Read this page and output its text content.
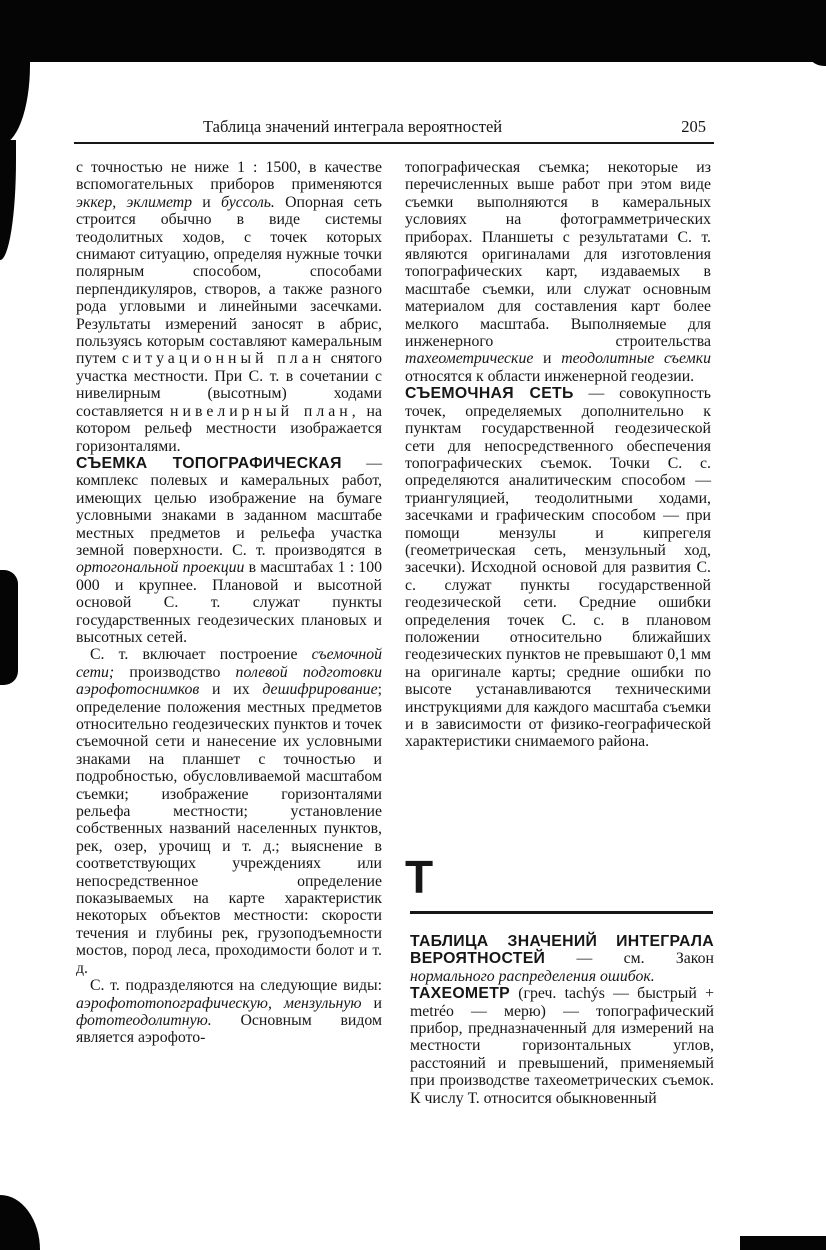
Таблица значений интеграла вероятностей	205

с точностью не ниже 1 : 1500, в качестве вспомогательных приборов применяются эккер, эклиметр и буссоль. Опорная сеть строится обычно в виде системы теодолитных ходов, с точек которых снимают ситуацию, определяя нужные точки полярным способом, способами перпендикуляров, створов, а также разного рода угловыми и линейными засечками. Результаты измерений заносят в абрис, пользуясь которым составляют камеральным путем ситуационный план снятого участка местности. При С. т. в сочетании с нивелирным (высотным) ходами составляется нивелирный план, на котором рельеф местности изображается горизонталями.

СЪЕМКА ТОПОГРАФИЧЕСКАЯ — комплекс полевых и камеральных работ, имеющих целью изображение на бумаге условными знаками в заданном масштабе местных предметов и рельефа участка земной поверхности. С. т. производятся в ортогональной проекции в масштабах 1 : 100 000 и крупнее. Плановой и высотной основой С. т. служат пункты государственных геодезических плановых и высотных сетей.

С. т. включает построение съемочной сети; производство полевой подготовки аэрофотоснимков и их дешифрирование; определение положения местных предметов относительно геодезических пунктов и точек съемочной сети и нанесение их условными знаками на планшет с точностью и подробностью, обусловливаемой масштабом съемки; изображение горизонталями рельефа местности; установление собственных названий населенных пунктов, рек, озер, урочищ и т. д.; выяснение в соответствующих учреждениях или непосредственное определение показываемых на карте характеристик некоторых объектов местности: скорости течения и глубины рек, грузоподъемности мостов, пород леса, проходимости болот и т. д.

С. т. подразделяются на следующие виды: аэрофототопографическую, мензульную и фототеодолитную. Основным видом является аэрофото-

топографическая съемка; некоторые из перечисленных выше работ при этом виде съемки выполняются в камеральных условиях на фотограмметрических приборах. Планшеты с результатами С. т. являются оригиналами для изготовления топографических карт, издаваемых в масштабе съемки, или служат основным материалом для составления карт более мелкого масштаба. Выполняемые для инженерного строительства тахеометрические и теодолитные съемки относятся к области инженерной геодезии.

СЪЕМОЧНАЯ СЕТЬ — совокупность точек, определяемых дополнительно к пунктам государственной геодезической сети для непосредственного обеспечения топографических съемок. Точки С. с. определяются аналитическим способом — триангуляцией, теодолитными ходами, засечками и графическим способом — при помощи мензулы и кипрегеля (геометрическая сеть, мензульный ход, засечки). Исходной основой для развития С. с. служат пункты государственной геодезической сети. Средние ошибки определения точек С. с. в плановом положении относительно ближайших геодезических пунктов не превышают 0,1 мм на оригинале карты; средние ошибки по высоте устанавливаются техническими инструкциями для каждого масштаба съемки и в зависимости от физико-географической характеристики снимаемого района.

Т

ТАБЛИЦА ЗНАЧЕНИЙ ИНТЕГРАЛА ВЕРОЯТНОСТЕЙ — см. Закон нормального распределения ошибок.

ТАХЕОМЕТР (греч. tachýs — быстрый + metréo — мерю) — топографический прибор, предназначенный для измерений на местности горизонтальных углов, расстояний и превышений, применяемый при производстве тахеометрических съемок. К числу Т. относится обыкновенный
